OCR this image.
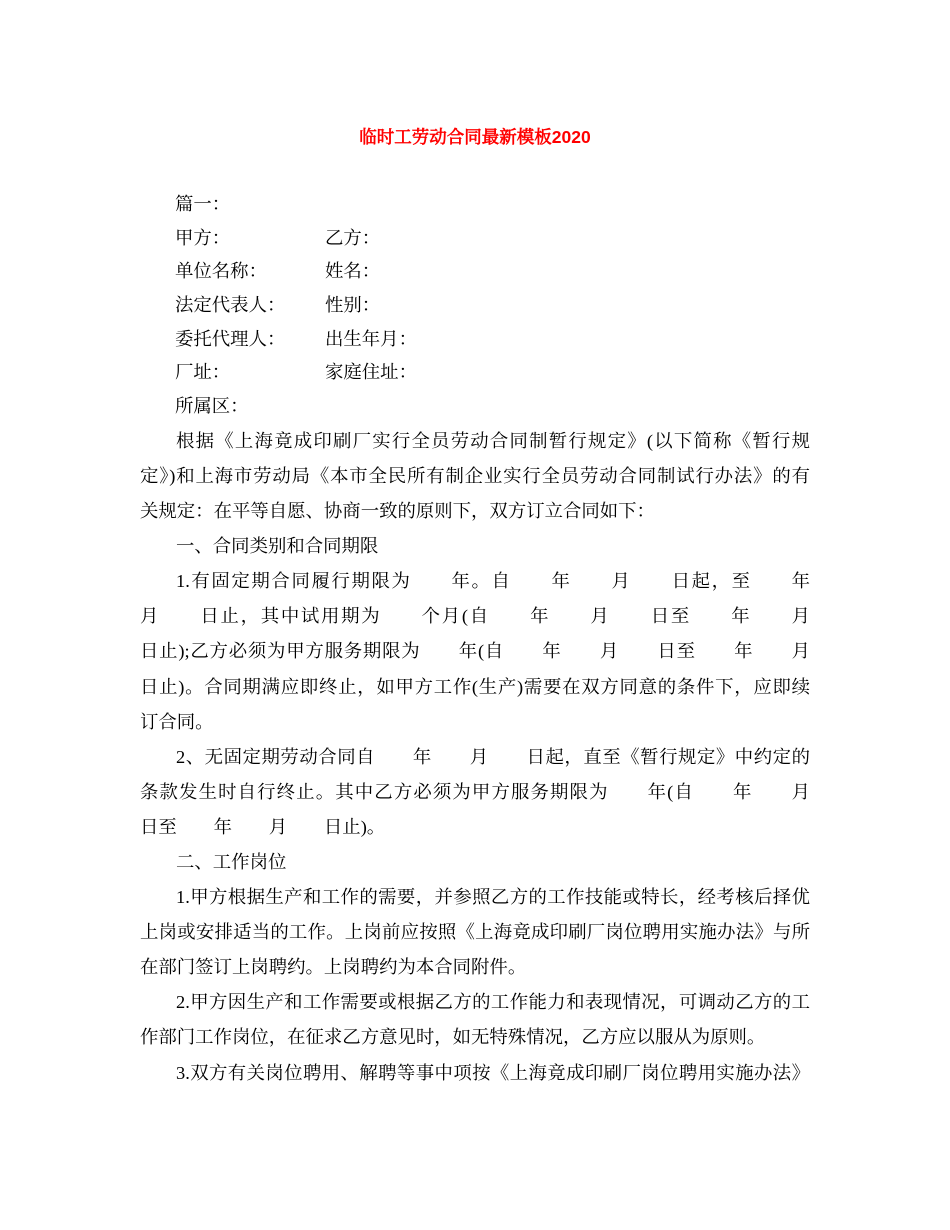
临时工劳动合同最新模板2020
篇一：
甲方：	乙方：
单位名称：	姓名：
法定代表人：	性别：
委托代理人：	出生年月：
厂址：	家庭住址：
所属区：
根据《上海竟成印刷厂实行全员劳动合同制暂行规定》(以下简称《暂行规
定》)和上海市劳动局《本市全民所有制企业实行全员劳动合同制试行办法》的有
关规定：在平等自愿、协商一致的原则下，双方订立合同如下：
一、合同类别和合同期限
1.有固定期合同履行期限为　　年。自　　年　　月　　日起，至　　年
月　　日止，其中试用期为　　个月(自　　年　　月　　日至　　年　　月
日止);乙方必须为甲方服务期限为　　年(自　　年　　月　　日至　　年　　月
日止)。合同期满应即终止，如甲方工作(生产)需要在双方同意的条件下，应即续
订合同。
2、无固定期劳动合同自　　年　　月　　日起，直至《暂行规定》中约定的
条款发生时自行终止。其中乙方必须为甲方服务期限为　　年(自　　年　　月
日至　　年　　月　　日止)。
二、工作岗位
1.甲方根据生产和工作的需要，并参照乙方的工作技能或特长，经考核后择优
上岗或安排适当的工作。上岗前应按照《上海竟成印刷厂岗位聘用实施办法》与所
在部门签订上岗聘约。上岗聘约为本合同附件。
2.甲方因生产和工作需要或根据乙方的工作能力和表现情况，可调动乙方的工
作部门工作岗位，在征求乙方意见时，如无特殊情况，乙方应以服从为原则。
3.双方有关岗位聘用、解聘等事中项按《上海竟成印刷厂岗位聘用实施办法》
